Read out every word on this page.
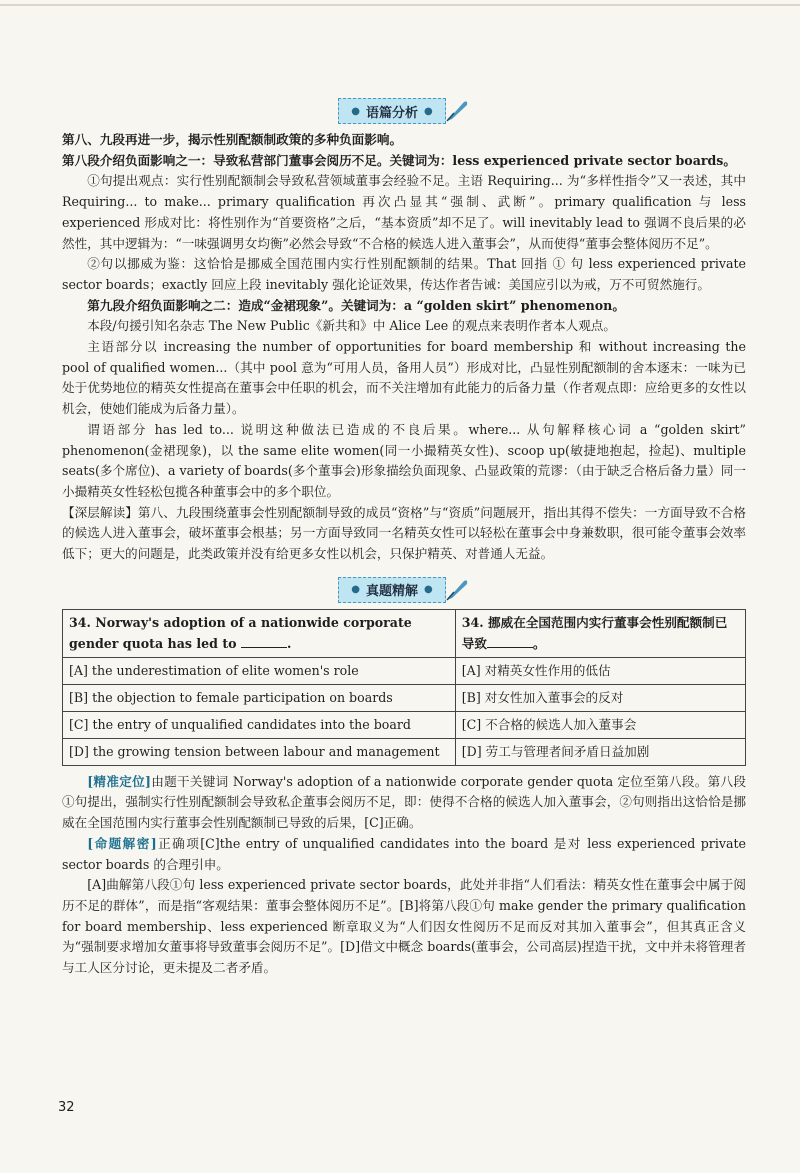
● 语篇分析 ●

第八、九段再进一步，揭示性别配额制政策的多种负面影响。

第八段介绍负面影响之一：导致私营部门董事会阅历不足。关键词为：less experienced private sector boards。

①句提出观点：实行性别配额制会导致私营领域董事会经验不足。主语 Requiring... 为“多样性指令”又一表述，其中 Requiring... to make... primary qualification 再次凸显其“强制、武断”。primary qualification 与 less experienced 形成对比：将性别作为“首要资格”之后，“基本资质”却不足了。will inevitably lead to 强调不良后果的必然性，其中逻辑为：“一味强调男女均衡”必然会导致“不合格的候选人进入董事会”，从而使得“董事会整体阅历不足”。

②句以挪威为鉴：这恰恰是挪威全国范围内实行性别配额制的结果。That 回指 ① 句 less experienced private sector boards；exactly 回应上段 inevitably 强化论证效果，传达作者告诫：美国应引以为戒，万不可贸然施行。

第九段介绍负面影响之二：造成“金裙现象”。关键词为：a “golden skirt” phenomenon。

本段/句援引知名杂志 The New Public《新共和》中 Alice Lee 的观点来表明作者本人观点。

主语部分以 increasing the number of opportunities for board membership 和 without increasing the pool of qualified women...（其中 pool 意为“可用人员，备用人员”）形成对比，凸显性别配额制的舍本逐末：一味为已处于优势地位的精英女性提高在董事会中任职的机会，而不关注增加有此能力的后备力量（作者观点即：应给更多的女性以机会，使她们能成为后备力量）。

谓语部分 has led to... 说明这种做法已造成的不良后果。where... 从句解释核心词 a “golden skirt” phenomenon(金裙现象)，以 the same elite women(同一小撮精英女性)、scoop up(敏捷地抱起，捡起)、multiple seats(多个席位)、a variety of boards(多个董事会)形象描绘负面现象、凸显政策的荒谬：（由于缺乏合格后备力量）同一小撮精英女性轻松包揽各种董事会中的多个职位。

【深层解读】第八、九段围绕董事会性别配额制导致的成员“资格”与“资质”问题展开，指出其得不偿失：一方面导致不合格的候选人进入董事会，破坏董事会根基；另一方面导致同一名精英女性可以轻松在董事会中身兼数职，很可能令董事会效率低下；更大的问题是，此类政策并没有给更多女性以机会，只保护精英、对普通人无益。

● 真题精解 ●
34. Norway's adoption of a nationwide corporate gender quota has led to .	34. 挪威在全国范围内实行董事会性别配额制已导致 。
[A] the underestimation of elite women's role	[A] 对精英女性作用的低估
[B] the objection to female participation on boards	[B] 对女性加入董事会的反对
[C] the entry of unqualified candidates into the board	[C] 不合格的候选人加入董事会
[D] the growing tension between labour and management	[D] 劳工与管理者间矛盾日益加剧

[精准定位]由题干关键词 Norway's adoption of a nationwide corporate gender quota 定位至第八段。第八段①句提出，强制实行性别配额制会导致私企董事会阅历不足，即：使得不合格的候选人加入董事会，②句则指出这恰恰是挪威在全国范围内实行董事会性别配额制已导致的后果，[C]正确。

[命题解密]正确项[C]the entry of unqualified candidates into the board 是对 less experienced private sector boards 的合理引申。

[A]曲解第八段①句 less experienced private sector boards，此处并非指“人们看法：精英女性在董事会中属于阅历不足的群体”，而是指“客观结果：董事会整体阅历不足”。[B]将第八段①句 make gender the primary qualification for board membership、less experienced 断章取义为“人们因女性阅历不足而反对其加入董事会”，但其真正含义为“强制要求增加女董事将导致董事会阅历不足”。[D]借文中概念 boards(董事会，公司高层)捏造干扰，文中并未将管理者与工人区分讨论，更未提及二者矛盾。

32
